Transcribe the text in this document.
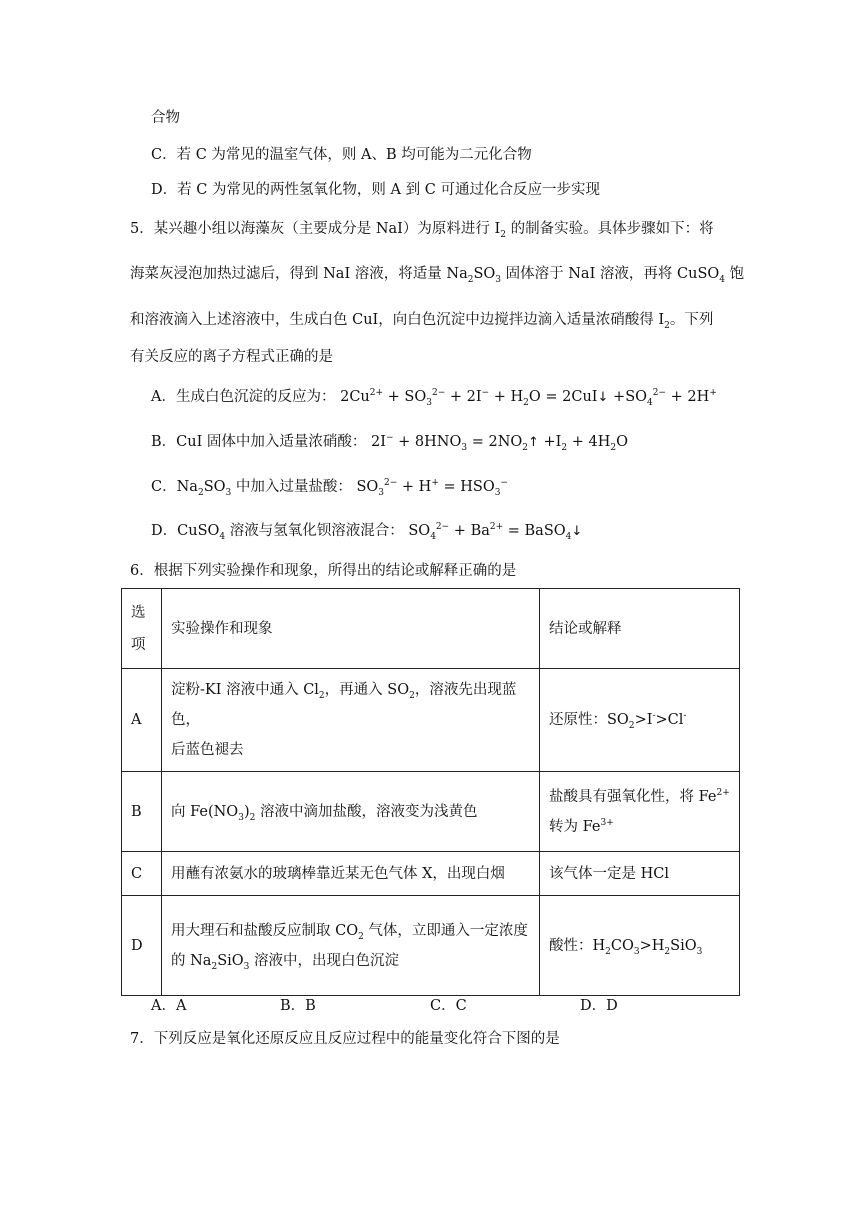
合物
C．若 C 为常见的温室气体，则 A、B 均可能为二元化合物
D．若 C 为常见的两性氢氧化物，则 A 到 C 可通过化合反应一步实现
5．某兴趣小组以海藻灰（主要成分是 NaI）为原料进行 $I_2$ 的制备实验。具体步骤如下：将
海菜灰浸泡加热过滤后，得到 NaI 溶液，将适量 $Na_2SO_3$ 固体溶于 NaI 溶液，再将 CuSO$_4$ 饱
和溶液滴入上述溶液中，生成白色 CuI，向白色沉淀中边搅拌边滴入适量浓硝酸得 $I_2$。下列
有关反应的离子方程式正确的是
A．生成白色沉淀的反应为： $2Cu^{2+} + SO_3^{2-} + 2I^- + H_2O$ = 2CuI↓ $+SO_4^{2-} + 2H^+$
B．CuI 固体中加入适量浓硝酸： $2I^- + 8HNO_3$ = $2NO_2↑ +I_2 + 4H_2O$
C．$Na_2SO_3$ 中加入过量盐酸： $SO_3^{2-} + H^+ = HSO_3^-$
D．CuSO$_4$ 溶液与氢氧化钡溶液混合： $SO_4^{2-} + Ba^{2+}$ = BaSO$_4$↓
6．根据下列实验操作和现象，所得出的结论或解释正确的是
选项	实验操作和现象	结论或解释
A	淀粉-KI 溶液中通入 $Cl_2$，再通入 $SO_2$，溶液先出现蓝色，
后蓝色褪去	还原性：$SO_2>I^->Cl^-$
B	向 $Fe(NO_3)_2$ 溶液中滴加盐酸，溶液变为浅黄色	盐酸具有强氧化性，将 $Fe^{2+}$
转为 $Fe^{3+}$
C	用蘸有浓氨水的玻璃棒靠近某无色气体 X，出现白烟	该气体一定是 HCl
D	用大理石和盐酸反应制取 $CO_2$ 气体，立即通入一定浓度
的 $Na_2SiO_3$ 溶液中，出现白色沉淀	酸性：$H_2CO_3>H_2SiO_3$
A．A	B．B	C．C	D．D
7．下列反应是氧化还原反应且反应过程中的能量变化符合下图的是
